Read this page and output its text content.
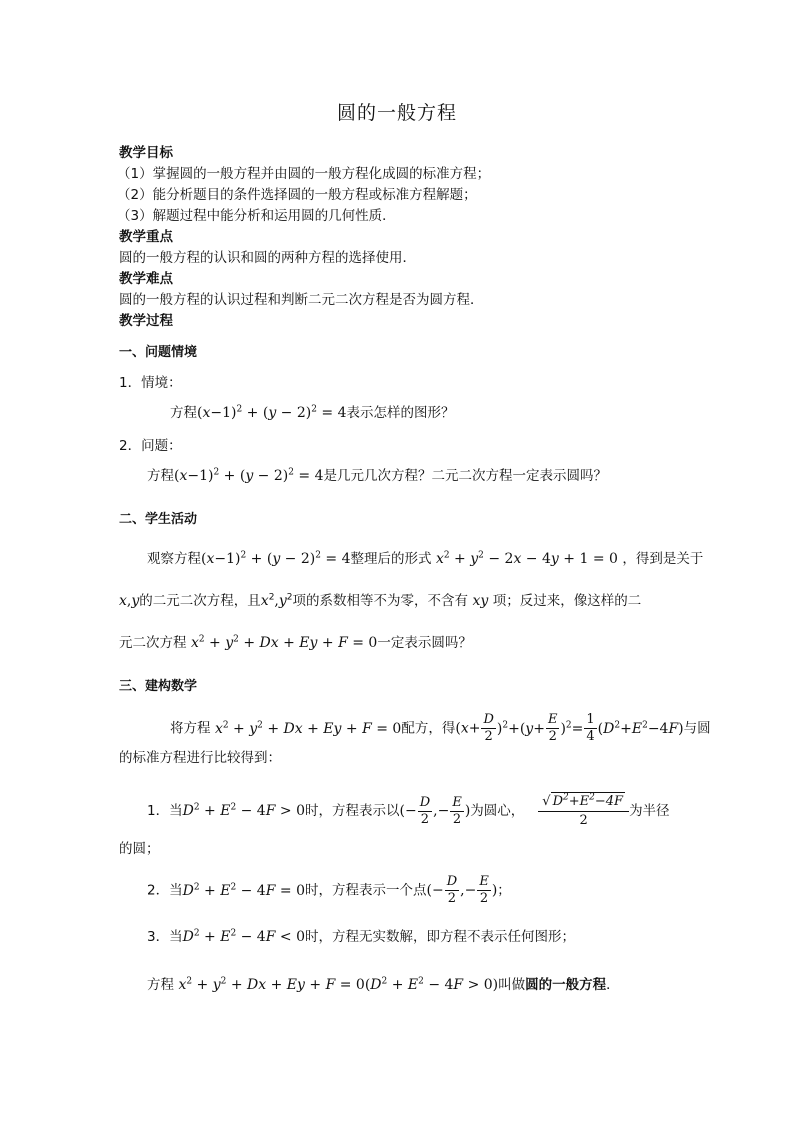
圆的一般方程
教学目标
（1）掌握圆的一般方程并由圆的一般方程化成圆的标准方程；
（2）能分析题目的条件选择圆的一般方程或标准方程解题；
（3）解题过程中能分析和运用圆的几何性质．
教学重点
圆的一般方程的认识和圆的两种方程的选择使用．
教学难点
圆的一般方程的认识过程和判断二元二次方程是否为圆方程．
教学过程
一、问题情境
1．情境：
方程$(x-1)^2 + (y - 2)^2 = 4$表示怎样的图形？
2．问题：
方程$(x-1)^2 + (y - 2)^2 = 4$是几元几次方程？二元二次方程一定表示圆吗？
二、学生活动
观察方程$(x-1)^2 + (y - 2)^2 = 4$整理后的形式 $x^2 + y^2 - 2x - 4y + 1 = 0$ ，得到是关于
x,y的二元二次方程，且$x^2,y^2$项的系数相等不为零，不含有 xy 项；反过来，像这样的二
元二次方程 $x^2 + y^2 + Dx + Ey + F = 0$一定表示圆吗？
三、建构数学
将方程 $x^2 + y^2 + Dx + Ey + F = 0$配方，得$(x+ \frac{D}{2} )^2+(y+ \frac{E}{2} )^2= \frac{1}{4} (D^2+E^2-4F)$与圆
的标准方程进行比较得到：
1．当$D^2 + E^2 - 4F > 0$时，方程表示以(− $\frac{D}{2}$ ,− $\frac{E}{2}$ )为圆心， $\frac{√ D^2+E^2-4F}{2}$ 为半径
的圆；
2．当$D^2 + E^2 - 4F = 0$时，方程表示一个点(− $\frac{D}{2}$ ,− $\frac{E}{2}$ )；
3．当$D^2 + E^2 - 4F < 0$时，方程无实数解，即方程不表示任何图形；
方程 $x^2 + y^2 + Dx + Ey + F = 0(D^2 + E^2 - 4F > 0)$叫做圆的一般方程．
